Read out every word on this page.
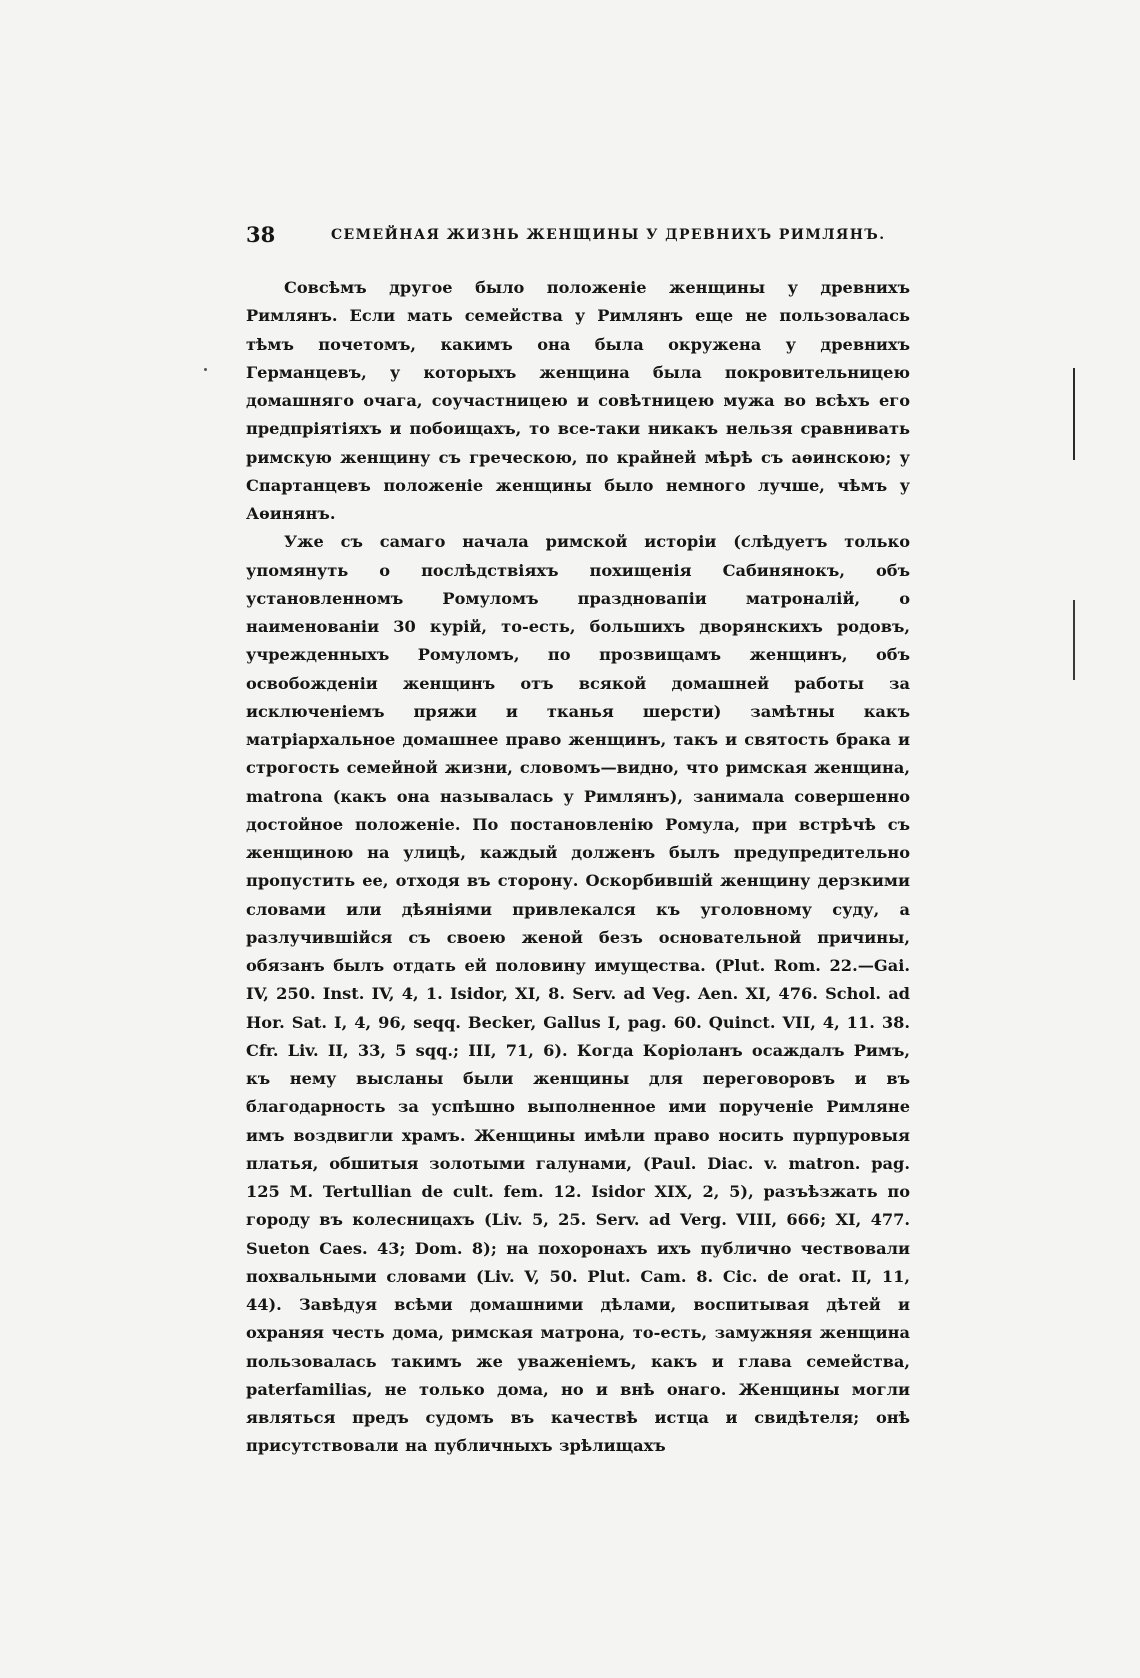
38	СЕМЕЙНАЯ ЖИЗНЬ ЖЕНЩИНЫ У ДРЕВНИХЪ РИМЛЯНЪ.

Совсѣмъ другое было положеніе женщины у древнихъ Римлянъ. Если мать семейства у Римлянъ еще не пользовалась тѣмъ почетомъ, какимъ она была окружена у древнихъ Германцевъ, у которыхъ женщина была покровительницею домашняго очага, соучастницею и совѣтницею мужа во всѣхъ его предпріятіяхъ и побоищахъ, то все-таки никакъ нельзя сравнивать римскую женщину съ греческою, по крайней мѣрѣ съ аѳинскою; у Спартанцевъ положеніе женщины было немного лучше, чѣмъ у Аѳинянъ.

Уже съ самаго начала римской исторіи (слѣдуетъ только упомянуть о послѣдствіяхъ похищенія Сабинянокъ, объ установленномъ Ромуломъ праздновапіи матроналій, о наименованіи 30 курій, то-есть, большихъ дворянскихъ родовъ, учрежденныхъ Ромуломъ, по прозвищамъ женщинъ, объ освобожденіи женщинъ отъ всякой домашней работы за исключеніемъ пряжи и тканья шерсти) замѣтны какъ матріархальное домашнее право женщинъ, такъ и святость брака и строгость семейной жизни, словомъ—видно, что римская женщина, matrona (какъ она называлась у Римлянъ), занимала совершенно достойное положеніе. По постановленію Ромула, при встрѣчѣ съ женщиною на улицѣ, каждый долженъ былъ предупредительно пропустить ее, отходя въ сторону. Оскорбившій женщину дерзкими словами или дѣяніями привлекался къ уголовному суду, а разлучившійся съ своею женой безъ основательной причины, обязанъ былъ отдать ей половину имущества. (Plut. Rom. 22.—Gai. IV, 250. Inst. IV, 4, 1. Isidor, XI, 8. Serv. ad Veg. Aen. XI, 476. Schol. ad Hor. Sat. I, 4, 96, seqq. Becker, Gallus I, pag. 60. Quinct. VII, 4, 11. 38. Cfr. Liv. II, 33, 5 sqq.; III, 71, 6). Когда Коріоланъ осаждалъ Римъ, къ нему высланы были женщины для переговоровъ и въ благодарность за успѣшно выполненное ими порученіе Римляне имъ воздвигли храмъ. Женщины имѣли право носить пурпуровыя платья, обшитыя золотыми галунами, (Paul. Diac. v. matron. pag. 125 M. Tertullian de cult. fem. 12. Isidor XIX, 2, 5), разъѣзжать по городу въ колесницахъ (Liv. 5, 25. Serv. ad Verg. VIII, 666; XI, 477. Sueton Caes. 43; Dom. 8); на похоронахъ ихъ публично чествовали похвальными словами (Liv. V, 50. Plut. Cam. 8. Cic. de orat. II, 11, 44). Завѣдуя всѣми домашними дѣлами, воспитывая дѣтей и охраняя честь дома, римская матрона, то-есть, замужняя женщина пользовалась такимъ же уваженіемъ, какъ и глава семейства, paterfamilias, не только дома, но и внѣ онаго. Женщины могли являться предъ судомъ въ качествѣ истца и свидѣтеля; онѣ присутствовали на публичныхъ зрѣлищахъ
